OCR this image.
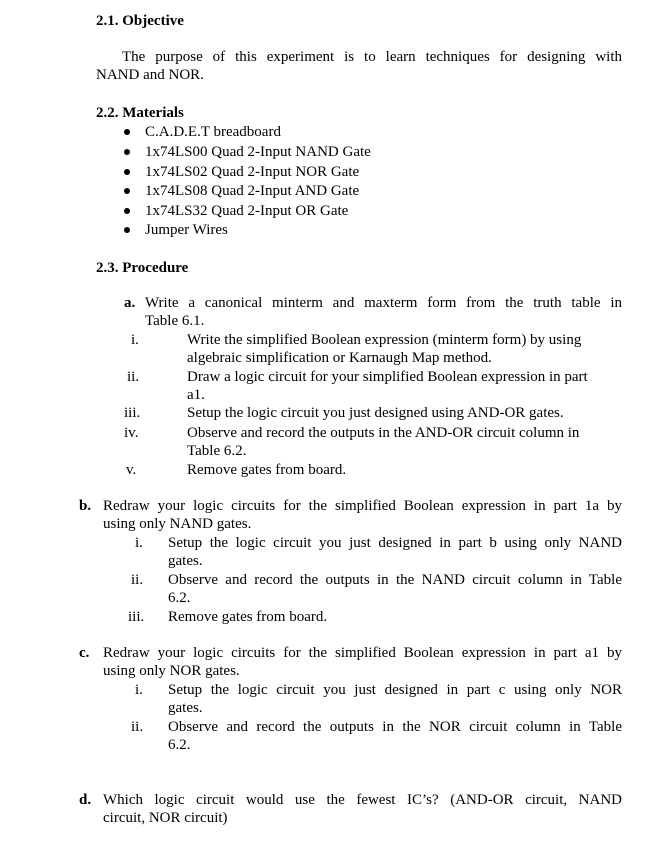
2.1. Objective
The purpose of this experiment is to learn techniques for designing with
NAND and NOR.
2.2. Materials
C.A.D.E.T breadboard
1x74LS00 Quad 2-Input NAND Gate
1x74LS02 Quad 2-Input NOR Gate
1x74LS08 Quad 2-Input AND Gate
1x74LS32 Quad 2-Input OR Gate
Jumper Wires
2.3. Procedure
a. Write a canonical minterm and maxterm form from the truth table in
Table 6.1.
i.	Write the simplified Boolean expression (minterm form) by using
algebraic simplification or Karnaugh Map method.
ii.	Draw a logic circuit for your simplified Boolean expression in part
a1.
iii.	Setup the logic circuit you just designed using AND-OR gates.
iv.	Observe and record the outputs in the AND-OR circuit column in
Table 6.2.
v.	Remove gates from board.
b. Redraw your logic circuits for the simplified Boolean expression in part 1a by
using only NAND gates.
i. Setup the logic circuit you just designed in part b using only NAND
gates.
ii. Observe and record the outputs in the NAND circuit column in Table
6.2.
iii. Remove gates from board.
c. Redraw your logic circuits for the simplified Boolean expression in part a1 by
using only NOR gates.
i. Setup the logic circuit you just designed in part c using only NOR
gates.
ii. Observe and record the outputs in the NOR circuit column in Table
6.2.
d. Which logic circuit would use the fewest IC’s? (AND-OR circuit, NAND
circuit, NOR circuit)
